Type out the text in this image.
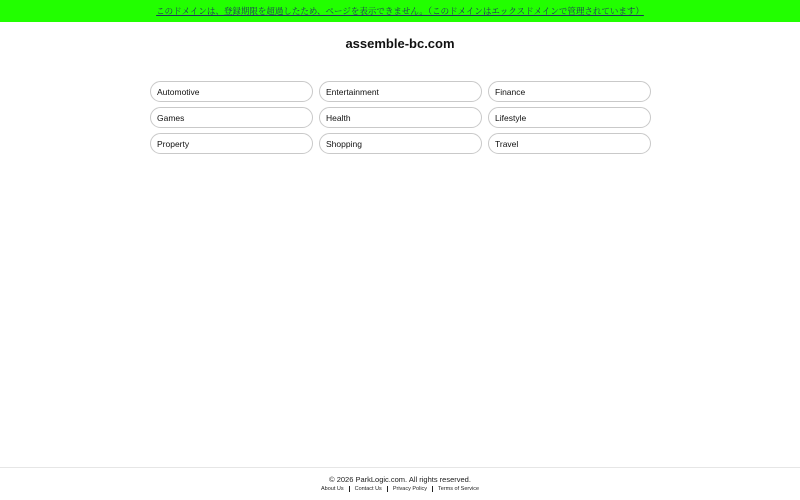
このドメインは、登録期限を超過したため、ページを表示できません。（このドメインはエックスドメインで管理されています）
assemble-bc.com
Automotive	Entertainment	Finance
Games	Health	Lifestyle
Property	Shopping	Travel
© 2026 ParkLogic.com. All rights reserved.
About Us	Contact Us	Privacy Policy	Terms of Service
